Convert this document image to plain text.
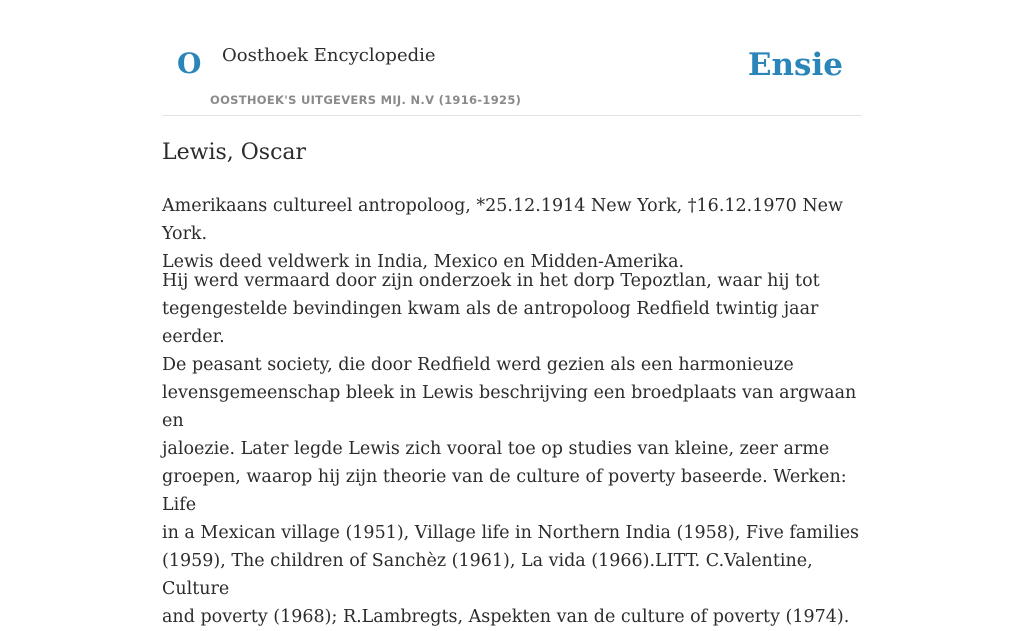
O Oosthoek Encyclopedie
OOSTHOEK'S UITGEVERS MIJ. N.V (1916-1925)
Ensie
Lewis, Oscar

Amerikaans cultureel antropoloog, *25.12.1914 New York, †16.12.1970 New York.
Lewis deed veldwerk in India, Mexico en Midden-Amerika.

Hij werd vermaard door zijn onderzoek in het dorp Tepoztlan, waar hij tot
tegengestelde bevindingen kwam als de antropoloog Redfield twintig jaar eerder.
De peasant society, die door Redfield werd gezien als een harmonieuze
levensgemeenschap bleek in Lewis beschrijving een broedplaats van argwaan en
jaloezie. Later legde Lewis zich vooral toe op studies van kleine, zeer arme
groepen, waarop hij zijn theorie van de culture of poverty baseerde. Werken: Life
in a Mexican village (1951), Village life in Northern India (1958), Five families
(1959), The children of Sanchèz (1961), La vida (1966).LITT. C.Valentine, Culture
and poverty (1968); R.Lambregts, Aspekten van de culture of poverty (1974).
